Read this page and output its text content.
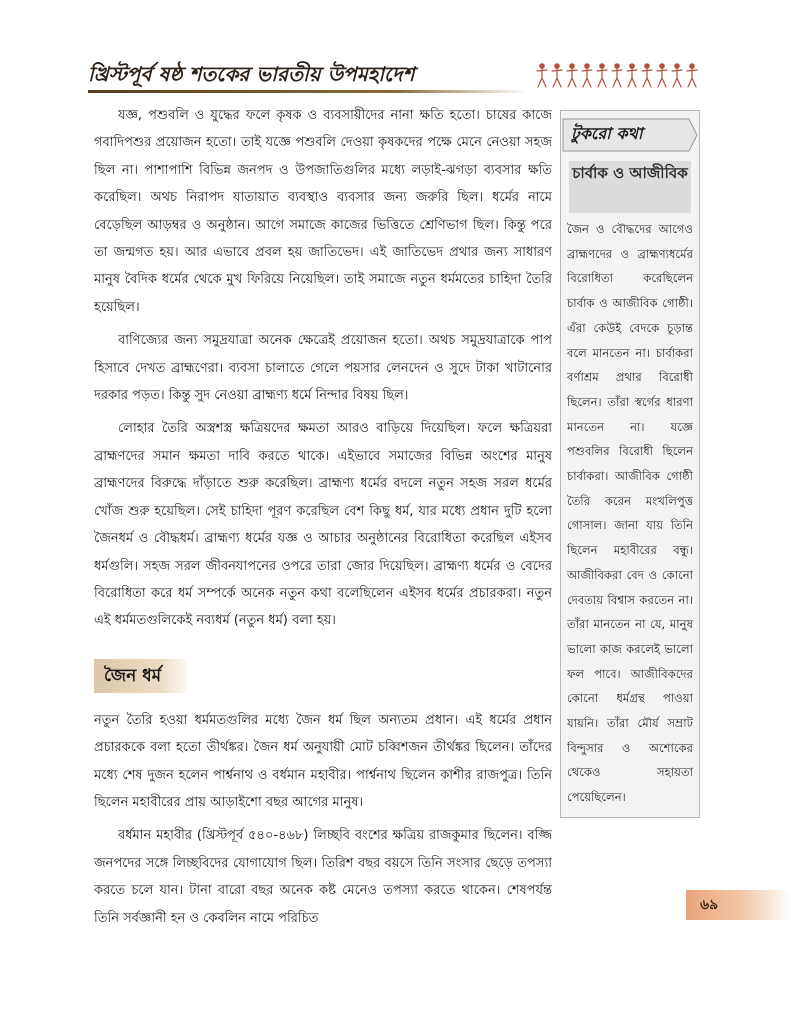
খ্রিস্টপূর্ব ষষ্ঠ শতকের ভারতীয় উপমহাদেশ

যজ্ঞ, পশুবলি ও যুদ্ধের ফলে কৃষক ও ব্যবসায়ীদের নানা ক্ষতি হতো। চাষের কাজে গবাদিপশুর প্রয়োজন হতো। তাই যজ্ঞে পশুবলি দেওয়া কৃষকদের পক্ষে মেনে নেওয়া সহজ ছিল না। পাশাপাশি বিভিন্ন জনপদ ও উপজাতিগুলির মধ্যে লড়াই-ঝগড়া ব্যবসার ক্ষতি করেছিল। অথচ নিরাপদ যাতায়াত ব্যবস্থাও ব্যবসার জন্য জরুরি ছিল। ধর্মের নামে বেড়েছিল আড়ম্বর ও অনুষ্ঠান। আগে সমাজে কাজের ভিত্তিতে শ্রেণিভাগ ছিল। কিন্তু পরে তা জন্মগত হয়। আর এভাবে প্রবল হয় জাতিভেদ। এই জাতিভেদ প্রথার জন্য সাধারণ মানুষ বৈদিক ধর্মের থেকে মুখ ফিরিয়ে নিয়েছিল। তাই সমাজে নতুন ধর্মমতের চাহিদা তৈরি হয়েছিল।

বাণিজ্যের জন্য সমুদ্রযাত্রা অনেক ক্ষেত্রেই প্রয়োজন হতো। অথচ সমুদ্রযাত্রাকে পাপ হিসাবে দেখত ব্রাহ্মণেরা। ব্যবসা চালাতে গেলে পয়সার লেনদেন ও সুদে টাকা খাটানোর দরকার পড়ত। কিন্তু সুদ নেওয়া ব্রাহ্মণ্য ধর্মে নিন্দার বিষয় ছিল।

লোহার তৈরি অস্ত্রশস্ত্র ক্ষত্রিয়দের ক্ষমতা আরও বাড়িয়ে দিয়েছিল। ফলে ক্ষত্রিয়রা ব্রাহ্মণদের সমান ক্ষমতা দাবি করতে থাকে। এইভাবে সমাজের বিভিন্ন অংশের মানুষ ব্রাহ্মণদের বিরুদ্ধে দাঁড়াতে শুরু করেছিল। ব্রাহ্মণ্য ধর্মের বদলে নতুন সহজ সরল ধর্মের খোঁজ শুরু হয়েছিল। সেই চাহিদা পূরণ করেছিল বেশ কিছু ধর্ম, যার মধ্যে প্রধান দুটি হলো জৈনধর্ম ও বৌদ্ধধর্ম। ব্রাহ্মণ্য ধর্মের যজ্ঞ ও আচার অনুষ্ঠানের বিরোধিতা করেছিল এইসব ধর্মগুলি। সহজ সরল জীবনযাপনের ওপরে তারা জোর দিয়েছিল। ব্রাহ্মণ্য ধর্মের ও বেদের বিরোধিতা করে ধর্ম সম্পর্কে অনেক নতুন কথা বলেছিলেন এইসব ধর্মের প্রচারকরা। নতুন এই ধর্মমতগুলিকেই নব্যধর্ম (নতুন ধর্ম) বলা হয়।

জৈন ধর্ম

নতুন তৈরি হওয়া ধর্মমতগুলির মধ্যে জৈন ধর্ম ছিল অন্যতম প্রধান। এই ধর্মের প্রধান প্রচারককে বলা হতো তীর্থঙ্কর। জৈন ধর্ম অনুযায়ী মোট চব্বিশজন তীর্থঙ্কর ছিলেন। তাঁদের মধ্যে শেষ দুজন হলেন পার্শ্বনাথ ও বর্ধমান মহাবীর। পার্শ্বনাথ ছিলেন কাশীর রাজপুত্র। তিনি ছিলেন মহাবীরের প্রায় আড়াইশো বছর আগের মানুষ।

বর্ধমান মহাবীর (খ্রিস্টপূর্ব ৫৪০-৪৬৮) লিচ্ছবি বংশের ক্ষত্রিয় রাজকুমার ছিলেন। বজ্জি জনপদের সঙ্গে লিচ্ছবিদের যোগাযোগ ছিল। তিরিশ বছর বয়সে তিনি সংসার ছেড়ে তপস্যা করতে চলে যান। টানা বারো বছর অনেক কষ্ট মেনেও তপস্যা করতে থাকেন। শেষপর্যন্ত তিনি সর্বজ্ঞানী হন ও কেবলিন নামে পরিচিত

টুকরো কথা
চার্বাক ও আজীবিক
জৈন ও বৌদ্ধদের আগেও ব্রাহ্মণদের ও ব্রাহ্মণ্যধর্মের বিরোধিতা করেছিলেন চার্বাক ও আজীবিক গোষ্ঠী। এঁরা কেউই বেদকে চূড়ান্ত বলে মানতেন না। চার্বাকরা বর্ণাশ্রম প্রথার বিরোধী ছিলেন। তাঁরা স্বর্গের ধারণা মানতেন না। যজ্ঞে পশুবলির বিরোধী ছিলেন চার্বাকরা। আজীবিক গোষ্ঠী তৈরি করেন মংখলিপুত্ত গোসাল। জানা যায় তিনি ছিলেন মহাবীরের বন্ধু। আজীবিকরা বেদ ও কোনো দেবতায় বিশ্বাস করতেন না। তাঁরা মানতেন না যে, মানুষ ভালো কাজ করলেই ভালো ফল পাবে। আজীবিকদের কোনো ধর্মগ্রন্থ পাওয়া যায়নি। তাঁরা মৌর্য সম্রাট বিন্দুসার ও অশোকের থেকেও সহায়তা পেয়েছিলেন।
৬৯
